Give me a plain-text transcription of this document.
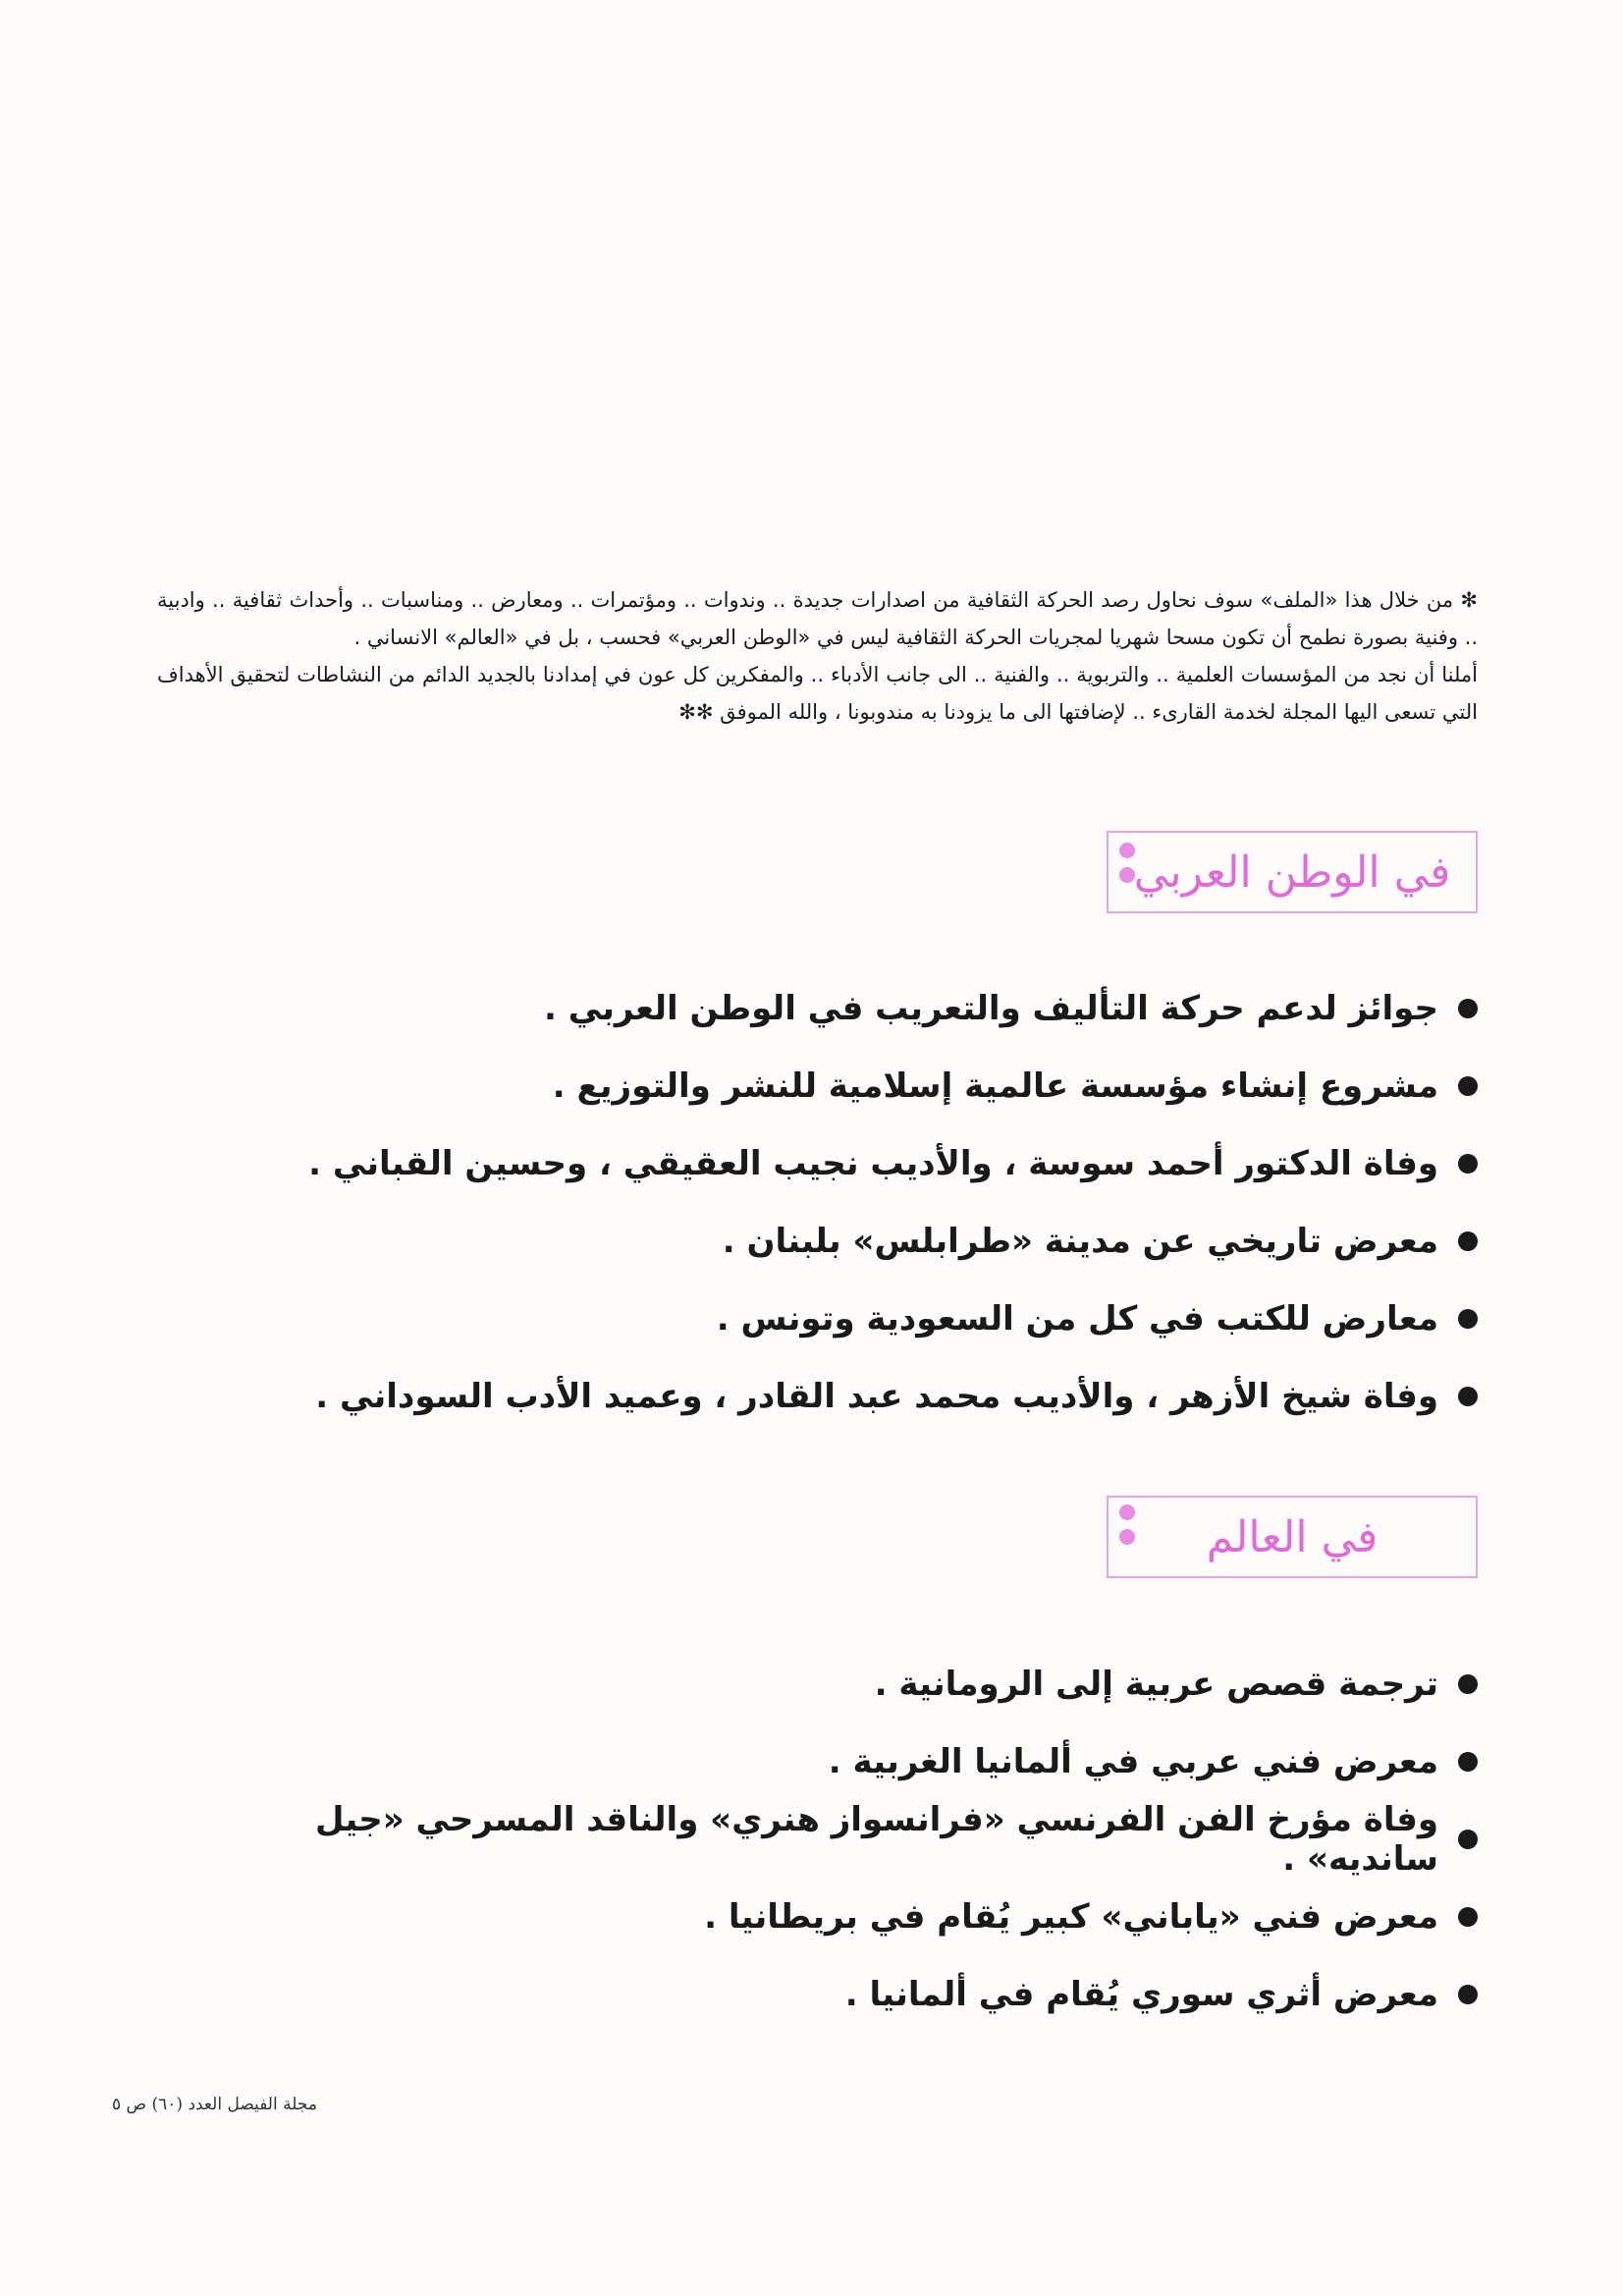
✻ من خلال هذا «الملف» سوف نحاول رصد الحركة الثقافية من اصدارات جديدة .. وندوات .. ومؤتمرات .. ومعارض .. ومناسبات .. وأحداث ثقافية .. وادبية .. وفنية بصورة نطمح أن تكون مسحا شهريا لمجريات الحركة الثقافية ليس في «الوطن العربي» فحسب ، بل في «العالم» الانساني .

أملنا أن نجد من المؤسسات العلمية .. والتربوية .. والفنية .. الى جانب الأدباء .. والمفكرين كل عون في إمدادنا بالجديد الدائم من النشاطات لتحقيق الأهداف التي تسعى اليها المجلة لخدمة القارىء .. لإضافتها الى ما يزودنا به مندوبونا ، والله الموفق ✻✻

في الوطن العربي
جوائز لدعم حركة التأليف والتعريب في الوطن العربي .
مشروع إنشاء مؤسسة عالمية إسلامية للنشر والتوزيع .
وفاة الدكتور أحمد سوسة ، والأديب نجيب العقيقي ، وحسين القباني .
معرض تاريخي عن مدينة «طرابلس» بلبنان .
معارض للكتب في كل من السعودية وتونس .
وفاة شيخ الأزهر ، والأديب محمد عبد القادر ، وعميد الأدب السوداني .
في العالم
ترجمة قصص عربية إلى الرومانية .
معرض فني عربي في ألمانيا الغربية .
وفاة مؤرخ الفن الفرنسي «فرانسواز هنري» والناقد المسرحي «جيل سانديه» .
معرض فني «ياباني» كبير يُقام في بريطانيا .
معرض أثري سوري يُقام في ألمانيا .
مجلة الفيصل العدد (٦٠) ص ٥
